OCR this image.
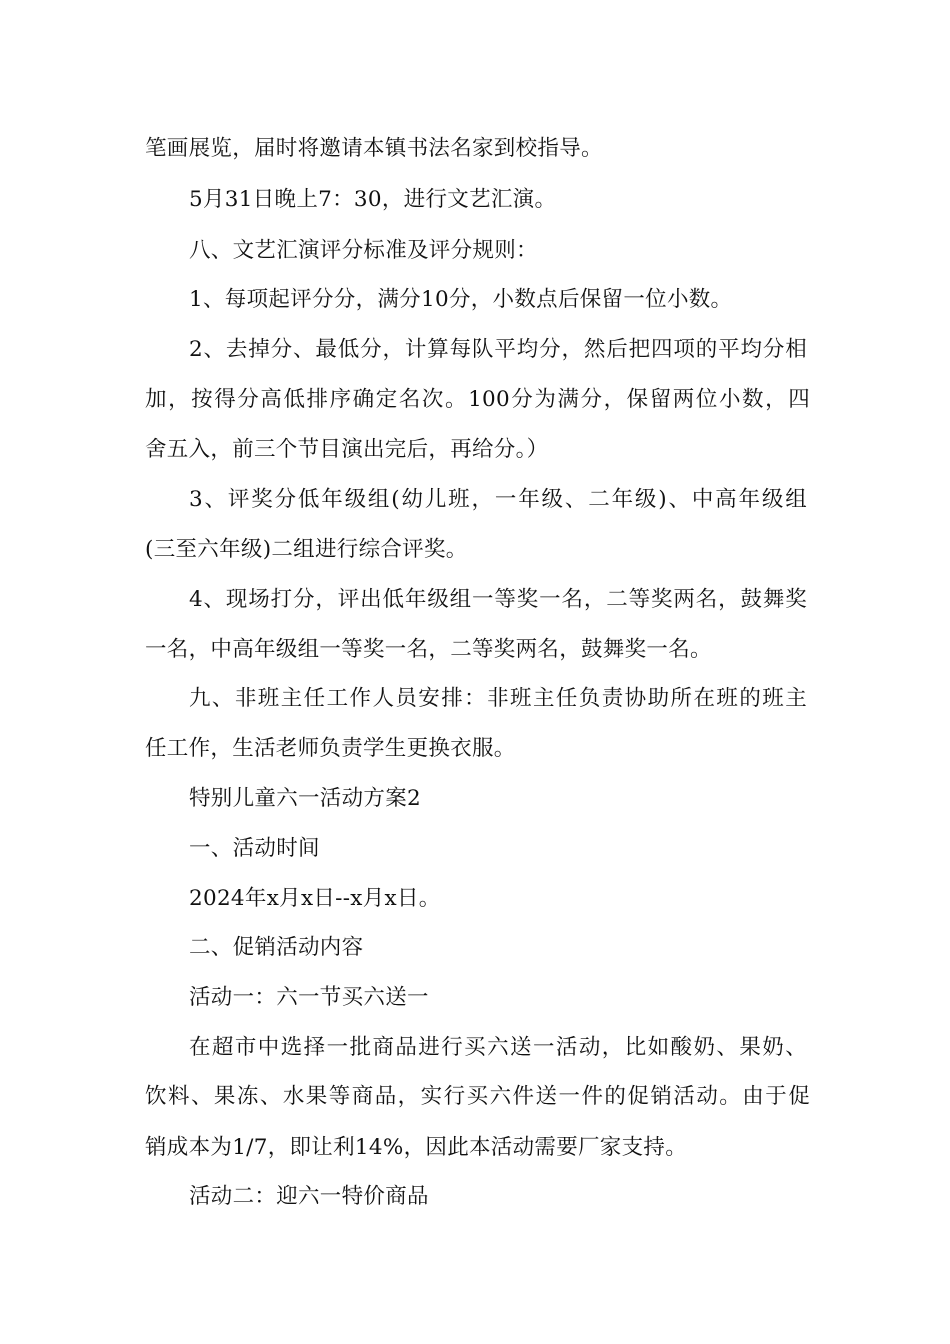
笔画展览，届时将邀请本镇书法名家到校指导。
5月31日晚上7：30，进行文艺汇演。
八、文艺汇演评分标准及评分规则：
1、每项起评分分，满分10分，小数点后保留一位小数。
2、去掉分、最低分，计算每队平均分，然后把四项的平均分相
加，按得分高低排序确定名次。100分为满分，保留两位小数，四
舍五入，前三个节目演出完后，再给分。）
3、评奖分低年级组(幼儿班，一年级、二年级)、中高年级组
(三至六年级)二组进行综合评奖。
4、现场打分，评出低年级组一等奖一名，二等奖两名，鼓舞奖
一名，中高年级组一等奖一名，二等奖两名，鼓舞奖一名。
九、非班主任工作人员安排：非班主任负责协助所在班的班主
任工作，生活老师负责学生更换衣服。
特别儿童六一活动方案2
一、活动时间
2024年x月x日--x月x日。
二、促销活动内容
活动一：六一节买六送一
在超市中选择一批商品进行买六送一活动，比如酸奶、果奶、
饮料、果冻、水果等商品，实行买六件送一件的促销活动。由于促
销成本为1/7，即让利14%，因此本活动需要厂家支持。
活动二：迎六一特价商品
